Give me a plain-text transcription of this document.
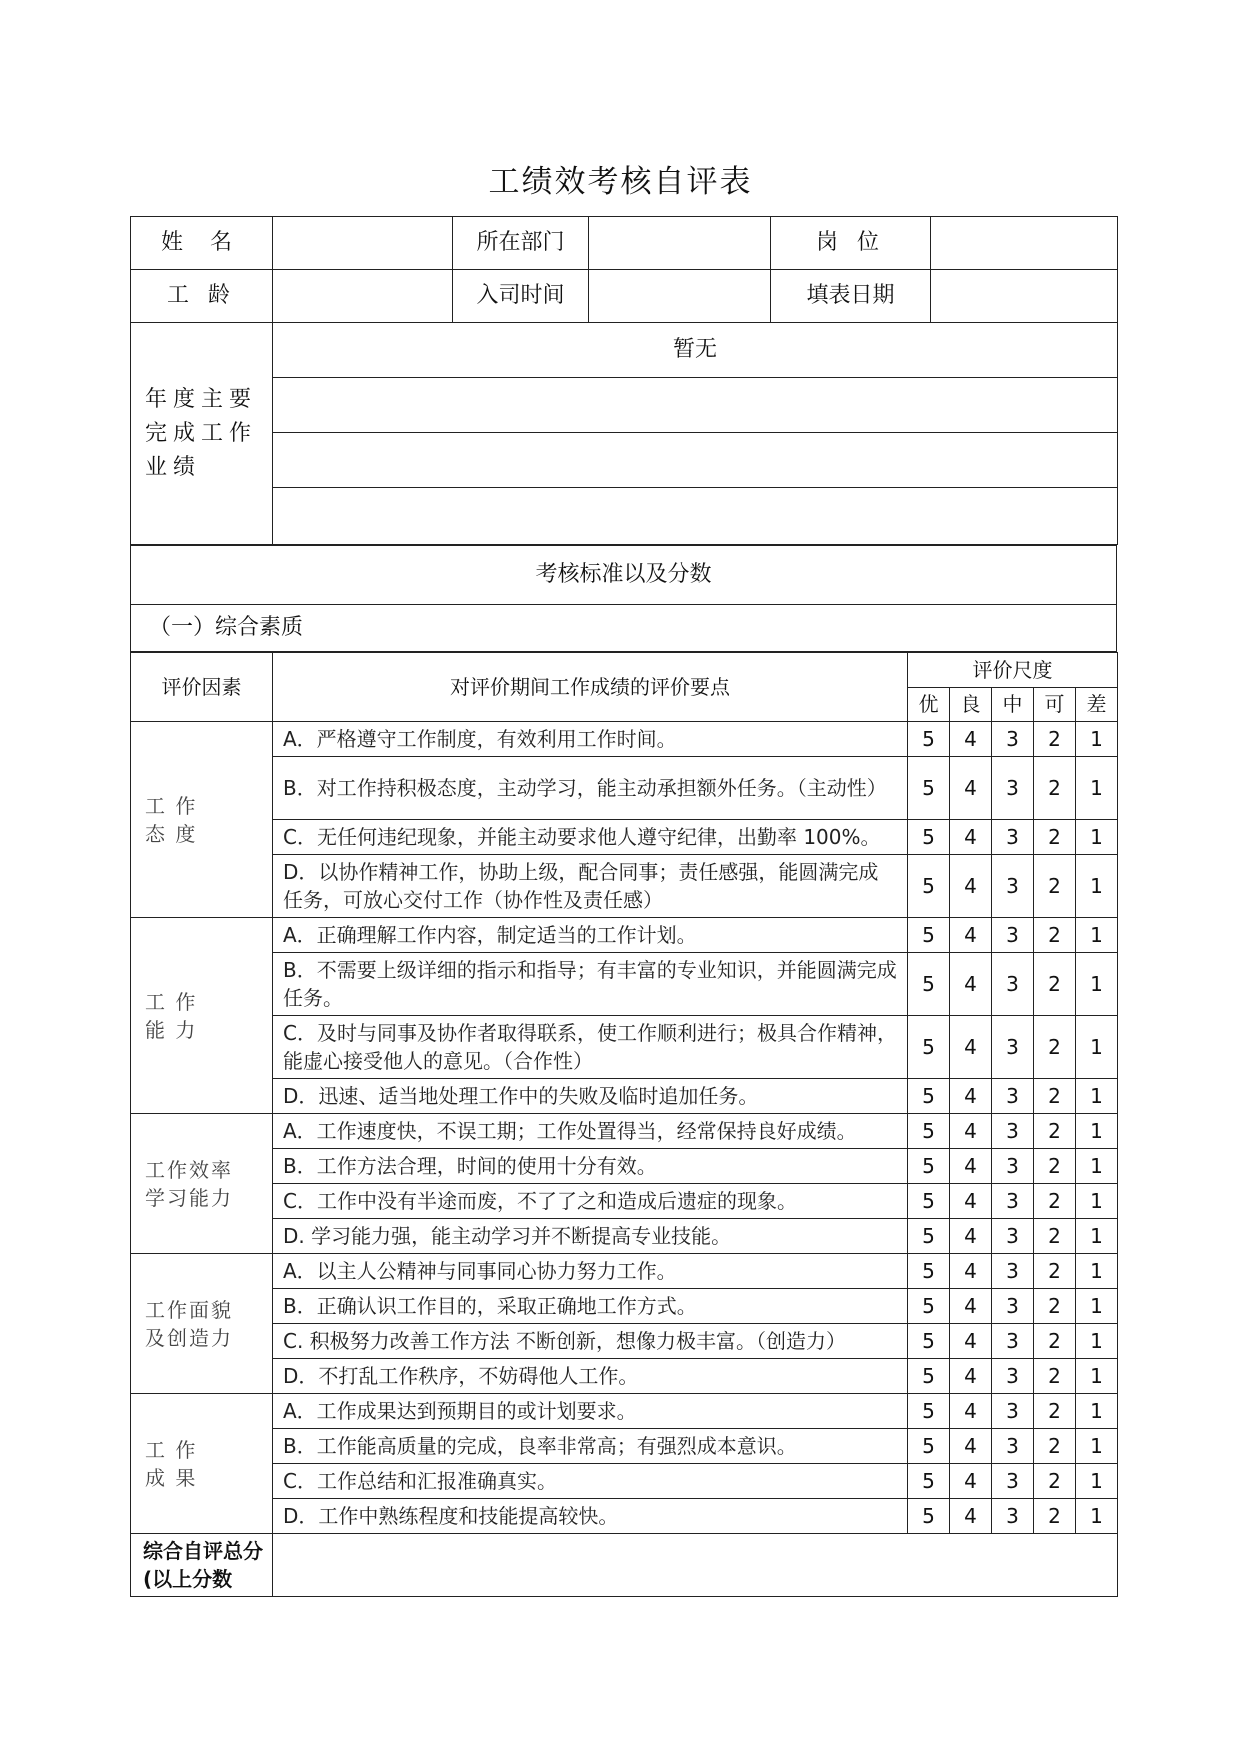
工绩效考核自评表
姓 名		所在部门		岗 位	
工 龄		入司时间		填表日期	
年度主要完成工作业绩	暂无				

考核标准以及分数
（一）综合素质
评价因素	对评价期间工作成绩的评价要点	评价尺度				
		优	良	中	可	差

工 作
态 度	A．严格遵守工作制度，有效利用工作时间。	5	4	3	2	1
	B．对工作持积极态度，主动学习，能主动承担额外任务。（主动性）	5	4	3	2	1
	C．无任何违纪现象，并能主动要求他人遵守纪律，出勤率 100%。	5	4	3	2	1
	D．以协作精神工作，协助上级，配合同事；责任感强，能圆满完成任务，可放心交付工作（协作性及责任感）	5	4	3	2	1

工 作
能 力	A．正确理解工作内容，制定适当的工作计划。	5	4	3	2	1
	B．不需要上级详细的指示和指导；有丰富的专业知识，并能圆满完成任务。	5	4	3	2	1
	C．及时与同事及协作者取得联系，使工作顺利进行；极具合作精神，能虚心接受他人的意见。（合作性）	5	4	3	2	1
	D．迅速、适当地处理工作中的失败及临时追加任务。	5	4	3	2	1

工作效率
学习能力	A．工作速度快，不误工期；工作处置得当，经常保持良好成绩。	5	4	3	2	1
	B．工作方法合理，时间的使用十分有效。	5	4	3	2	1
	C．工作中没有半途而废，不了了之和造成后遗症的现象。	5	4	3	2	1
	D. 学习能力强，能主动学习并不断提高专业技能。	5	4	3	2	1

工作面貌
及创造力	A．以主人公精神与同事同心协力努力工作。	5	4	3	2	1
	B．正确认识工作目的，采取正确地工作方式。	5	4	3	2	1
	C. 积极努力改善工作方法 不断创新，想像力极丰富。（创造力）	5	4	3	2	1
	D．不打乱工作秩序，不妨碍他人工作。	5	4	3	2	1

工 作
成 果	A．工作成果达到预期目的或计划要求。	5	4	3	2	1
	B．工作能高质量的完成，良率非常高；有强烈成本意识。	5	4	3	2	1
	C．工作总结和汇报准确真实。	5	4	3	2	1
	D．工作中熟练程度和技能提高较快。	5	4	3	2	1
综合自评总分(以上分数						
